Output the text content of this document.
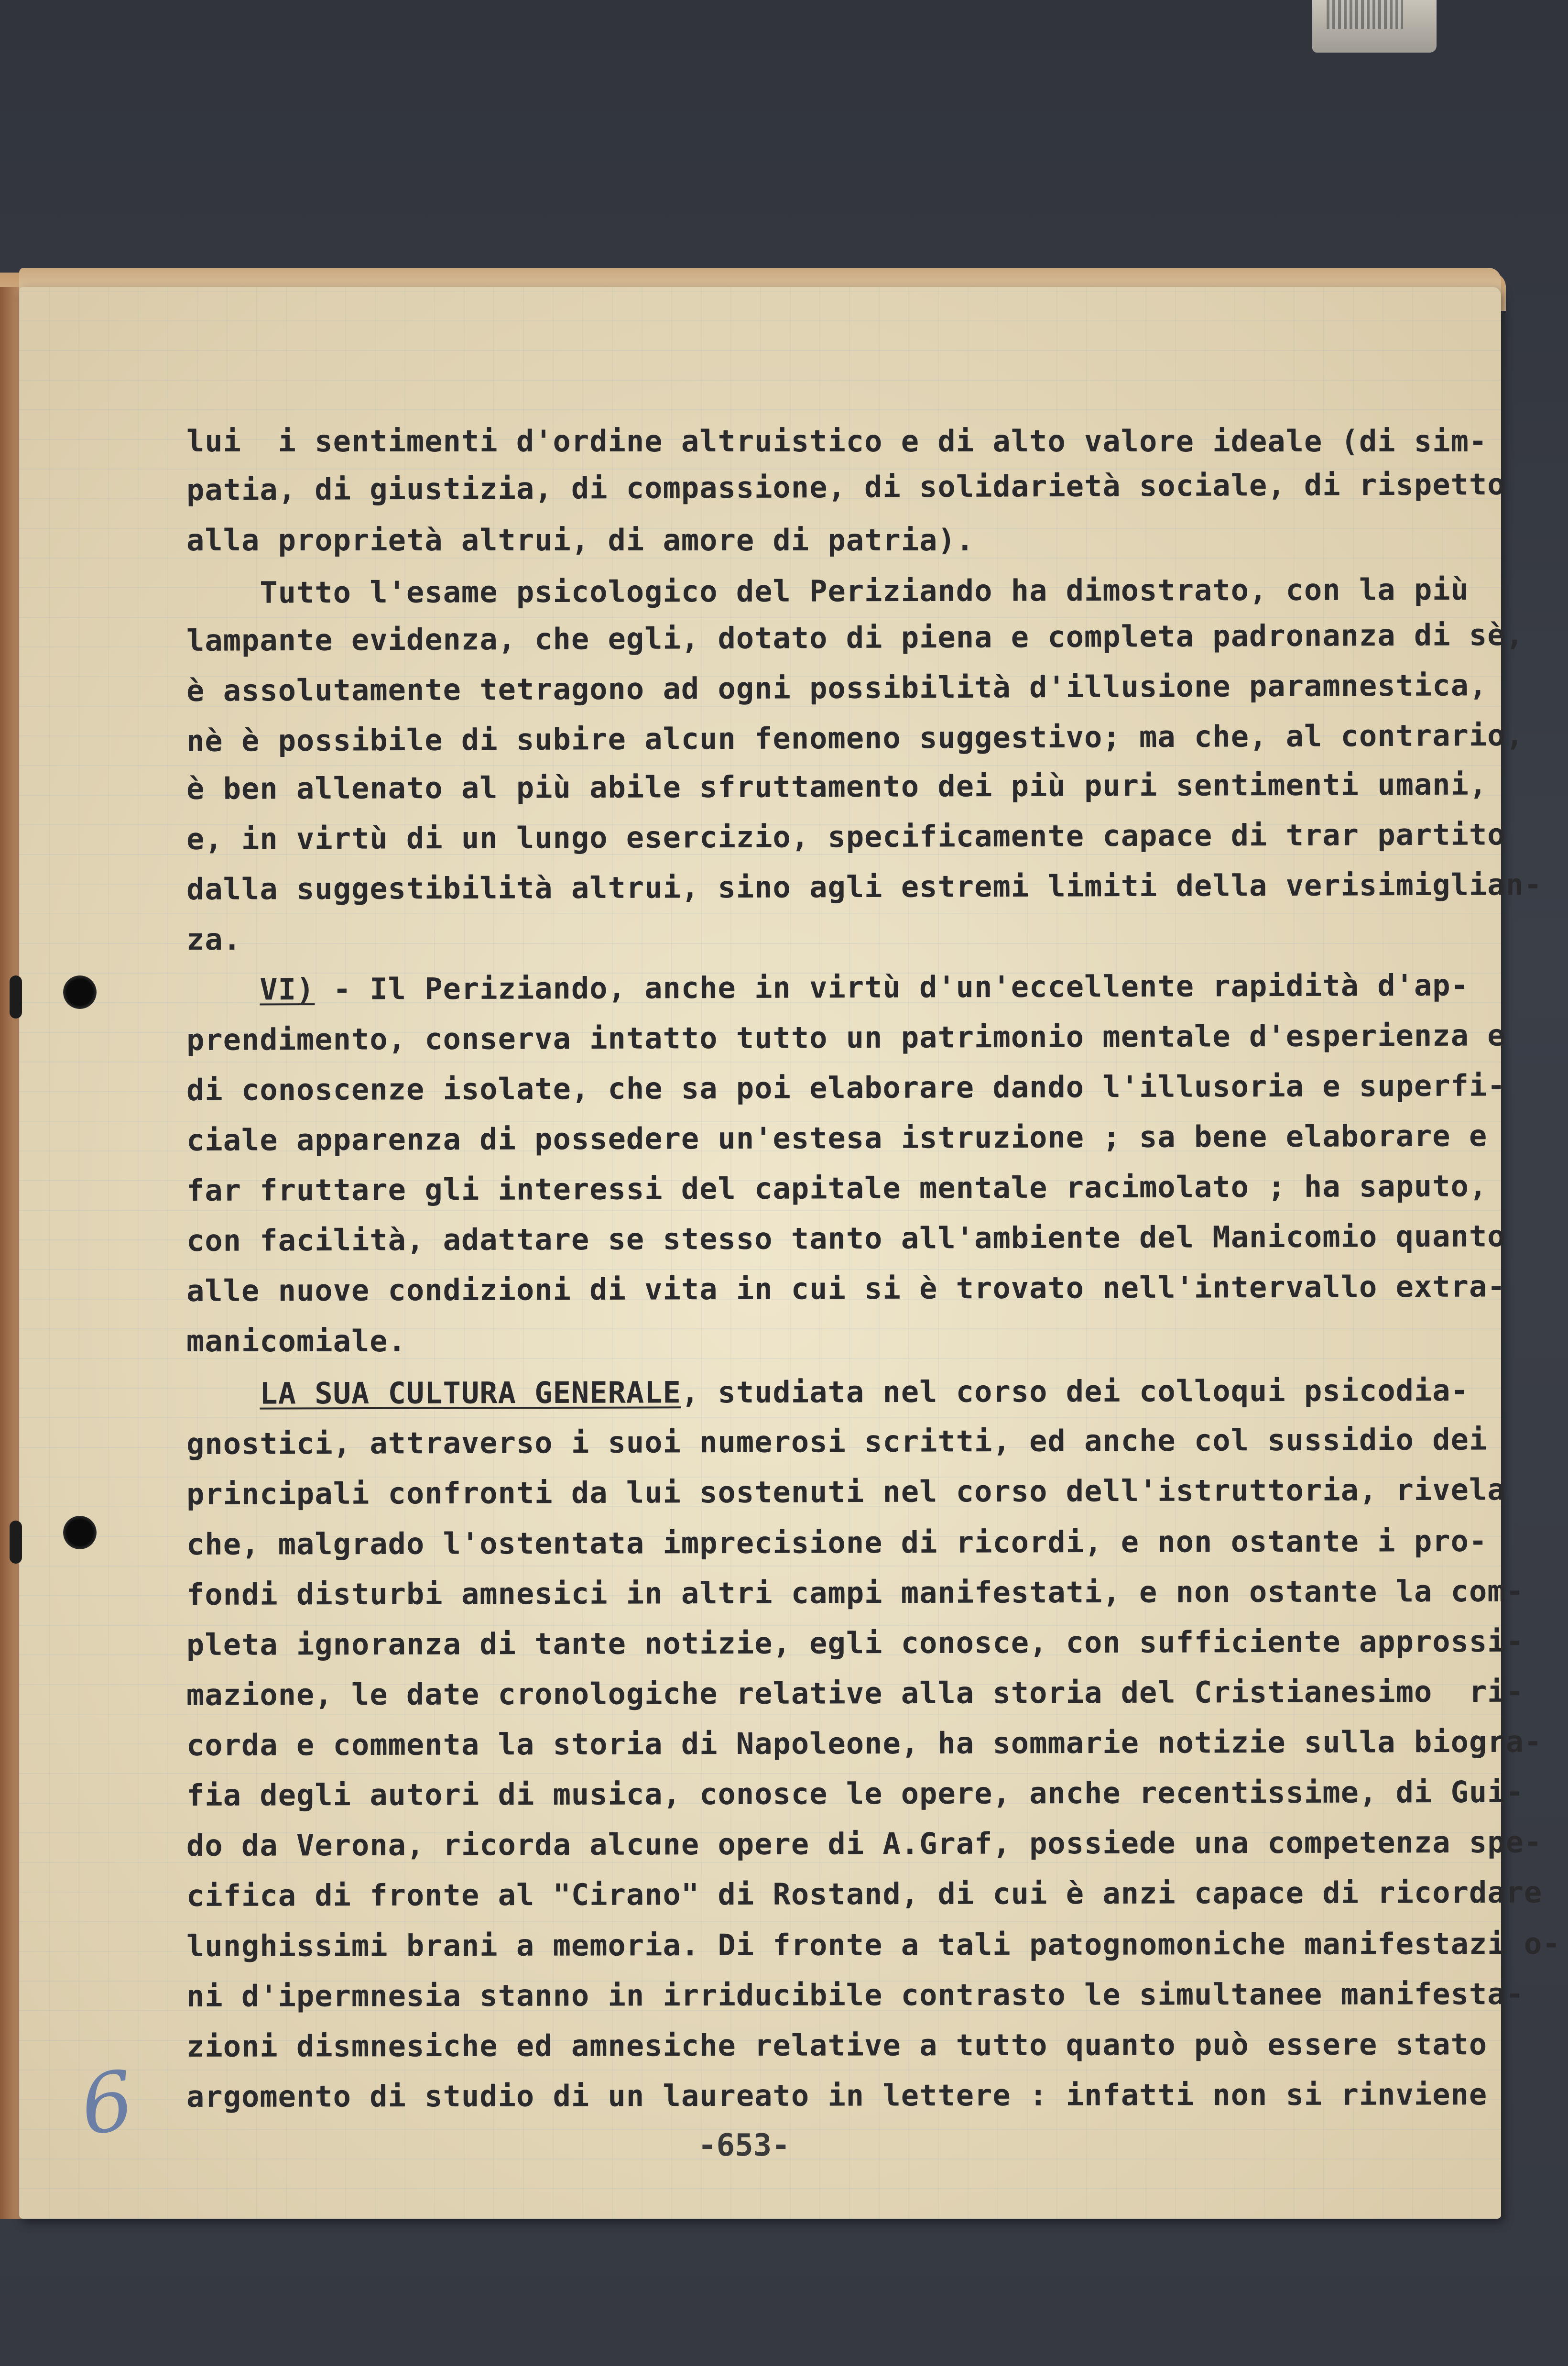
lui  i sentimenti d'ordine altruistico e di alto valore ideale (di sim-
patia, di giustizia, di compassione, di solidarietà sociale, di rispetto
alla proprietà altrui, di amore di patria).
Tutto l'esame psicologico del Periziando ha dimostrato, con la più
lampante evidenza, che egli, dotato di piena e completa padronanza di sè,
è assolutamente tetragono ad ogni possibilità d'illusione paramnestica,
nè è possibile di subire alcun fenomeno suggestivo; ma che, al contrario,
è ben allenato al più abile sfruttamento dei più puri sentimenti umani,
e, in virtù di un lungo esercizio, specificamente capace di trar partito
dalla suggestibilità altrui, sino agli estremi limiti della verisimiglian-
za.
VI) - Il Periziando, anche in virtù d'un'eccellente rapidità d'ap-
prendimento, conserva intatto tutto un patrimonio mentale d'esperienza e
di conoscenze isolate, che sa poi elaborare dando l'illusoria e superfi-
ciale apparenza di possedere un'estesa istruzione ; sa bene elaborare e
far fruttare gli interessi del capitale mentale racimolato ; ha saputo,
con facilità, adattare se stesso tanto all'ambiente del Manicomio quanto
alle nuove condizioni di vita in cui si è trovato nell'intervallo extra-
manicomiale.
LA SUA CULTURA GENERALE, studiata nel corso dei colloqui psicodia-
gnostici, attraverso i suoi numerosi scritti, ed anche col sussidio dei
principali confronti da lui sostenuti nel corso dell'istruttoria, rivela
che, malgrado l'ostentata imprecisione di ricordi, e non ostante i pro-
fondi disturbi amnesici in altri campi manifestati, e non ostante la com-
pleta ignoranza di tante notizie, egli conosce, con sufficiente approssi-
mazione, le date cronologiche relative alla storia del Cristianesimo  ri-
corda e commenta la storia di Napoleone, ha sommarie notizie sulla biogra-
fia degli autori di musica, conosce le opere, anche recentissime, di Gui-
do da Verona, ricorda alcune opere di A.Graf, possiede una competenza spe-
cifica di fronte al "Cirano" di Rostand, di cui è anzi capace di ricordare
lunghissimi brani a memoria. Di fronte a tali patognomoniche manifestazi o-
ni d'ipermnesia stanno in irriducibile contrasto le simultanee manifesta-
zioni dismnesiche ed amnesiche relative a tutto quanto può essere stato
argomento di studio di un laureato in lettere : infatti non si rinviene
-653-
6
